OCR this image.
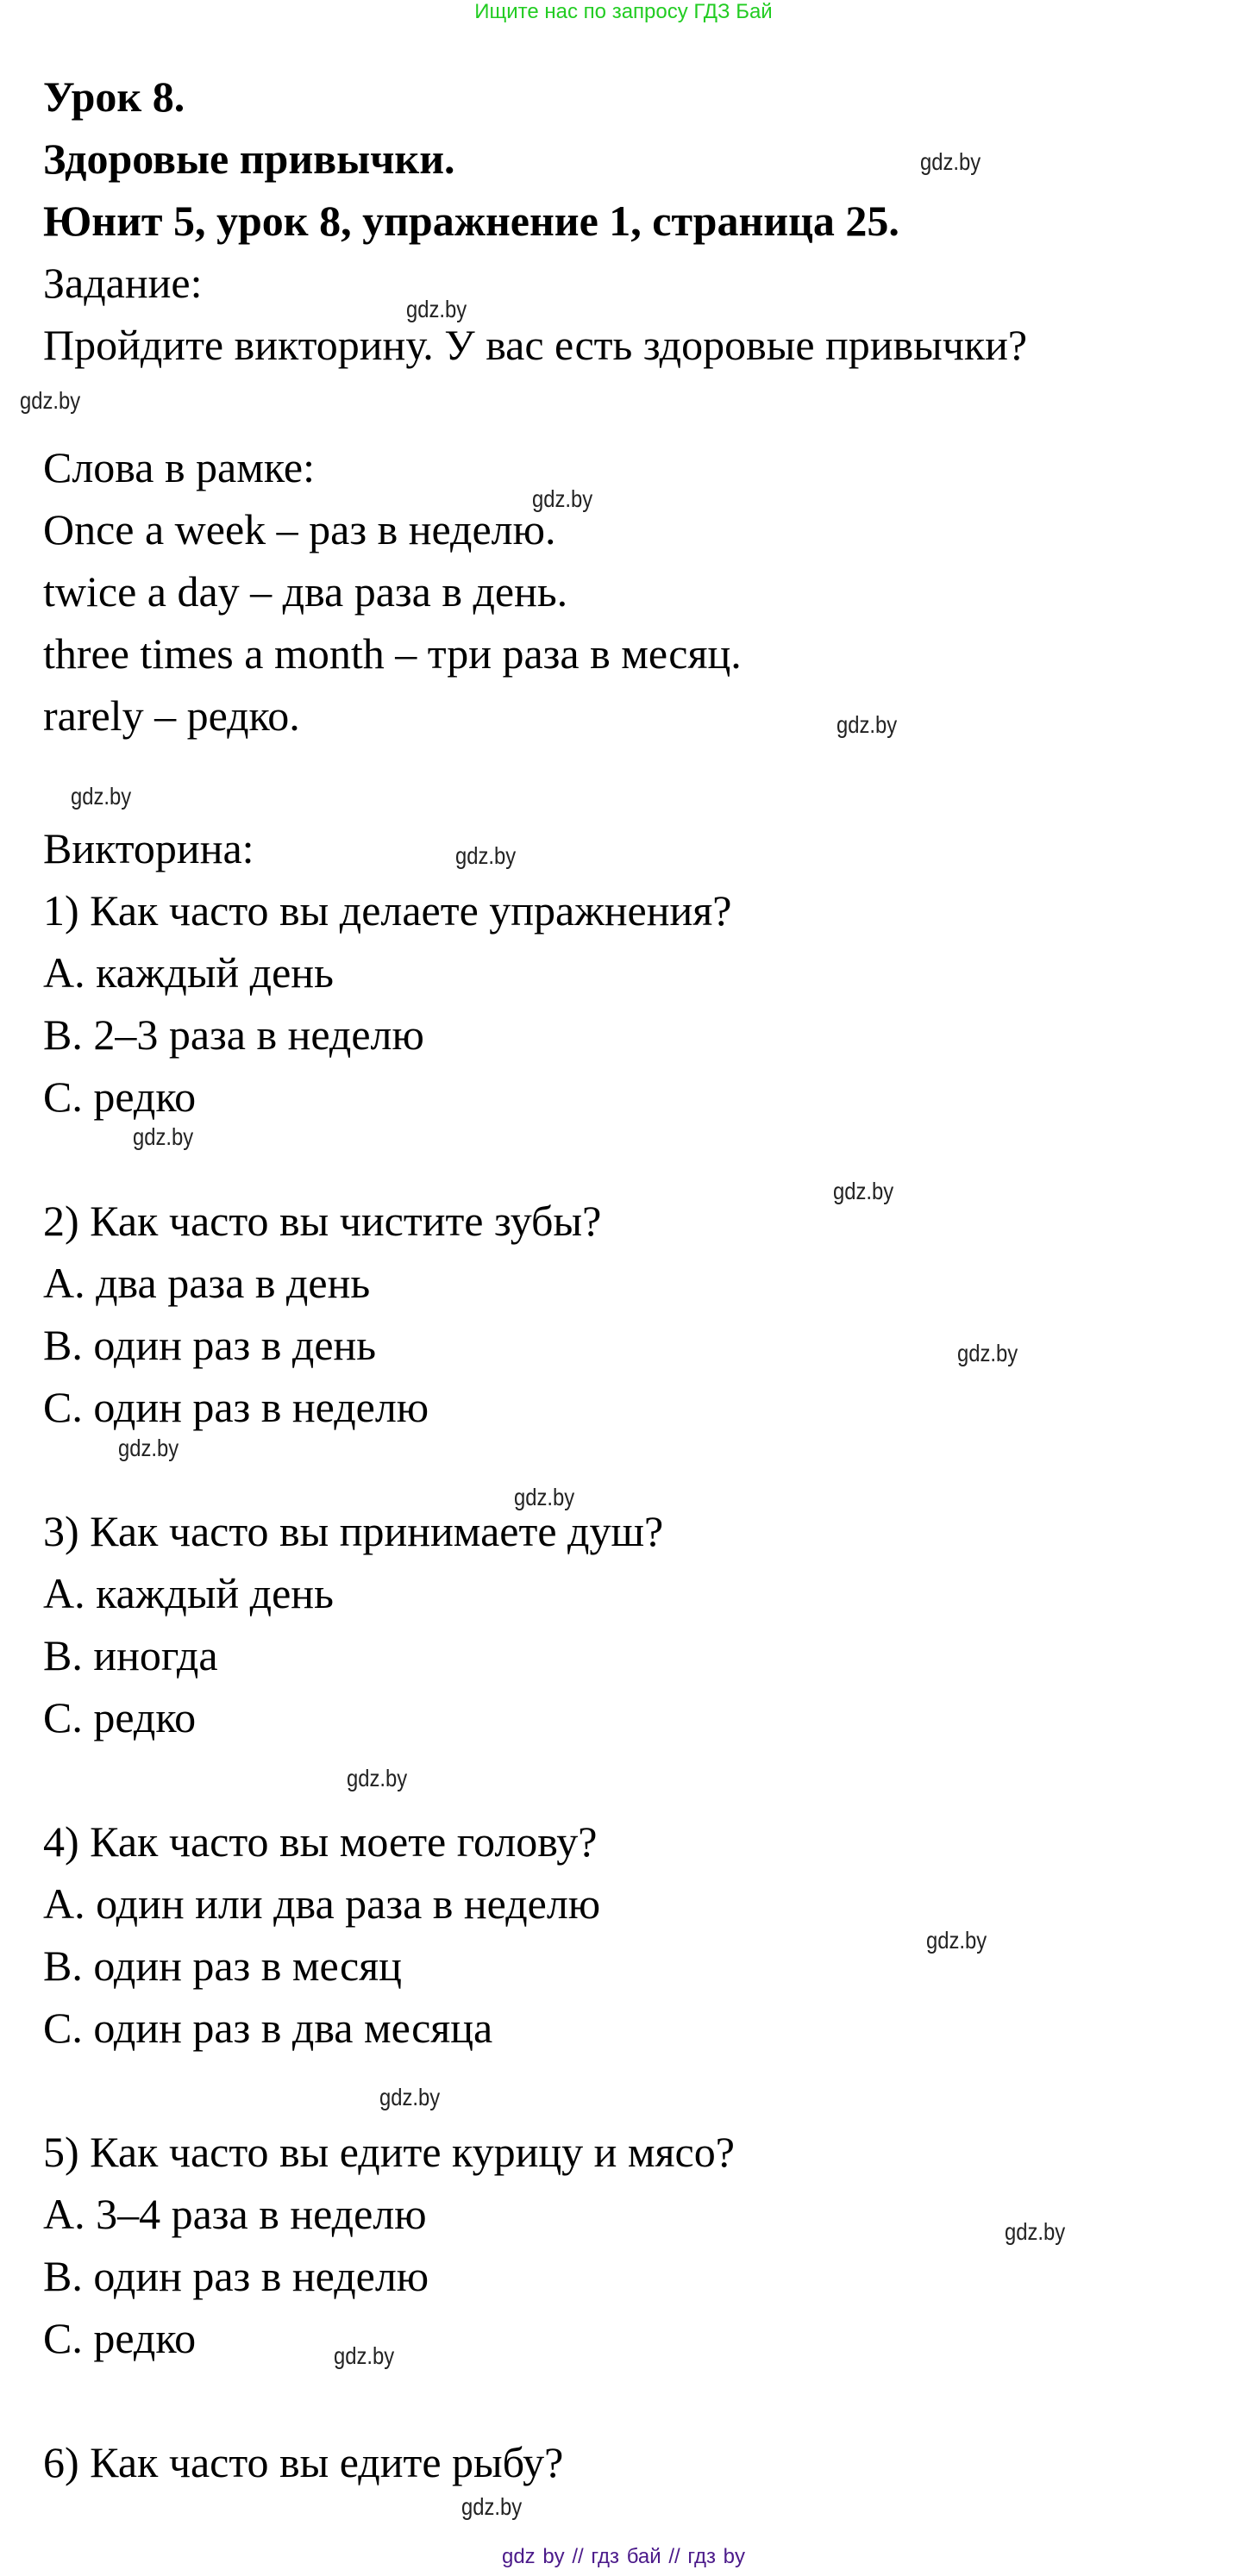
Ищите нас по запросу ГДЗ Бай
Урок 8.
Здоровые привычки.
Юнит 5, урок 8, упражнение 1, страница 25.
Задание:
Пройдите викторину. У вас есть здоровые привычки?
Слова в рамке:
Once a week – раз в неделю.
twice a day – два раза в день.
three times a month – три раза в месяц.
rarely – редко.
Викторина:
1) Как часто вы делаете упражнения?
A. каждый день
B. 2–3 раза в неделю
C. редко
2) Как часто вы чистите зубы?
A. два раза в день
B. один раз в день
C. один раз в неделю
3) Как часто вы принимаете душ?
A. каждый день
B. иногда
C. редко
4) Как часто вы моете голову?
A. один или два раза в неделю
B. один раз в месяц
C. один раз в два месяца
5) Как часто вы едите курицу и мясо?
A. 3–4 раза в неделю
B. один раз в неделю
C. редко
6) Как часто вы едите рыбу?
gdz.by
gdz.by
gdz.by
gdz.by
gdz.by
gdz.by
gdz.by
gdz.by
gdz.by
gdz.by
gdz.by
gdz.by
gdz.by
gdz.by
gdz.by
gdz.by
gdz.by
gdz.by
gdz by // гдз бай // гдз by
